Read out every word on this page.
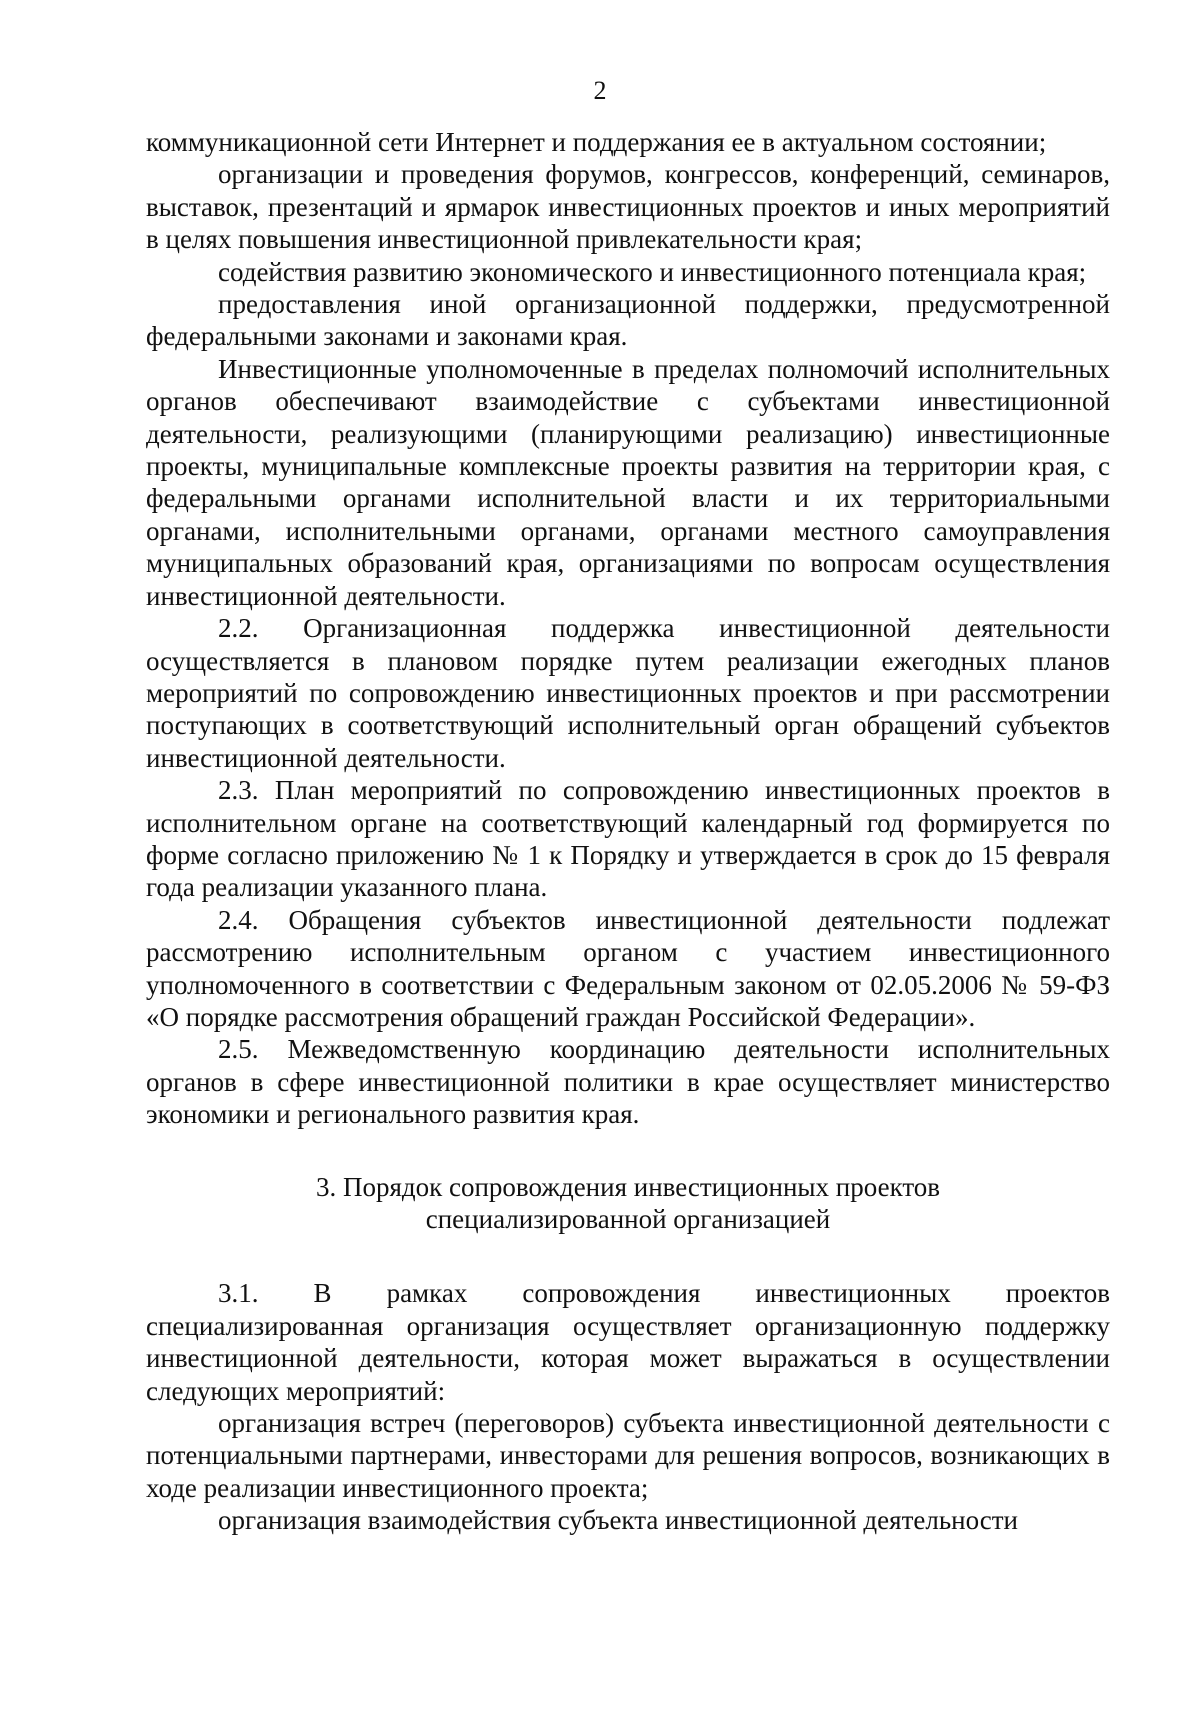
2

коммуникационной сети Интернет и поддержания ее в актуальном состоянии;

организации и проведения форумов, конгрессов, конференций, семинаров, выставок, презентаций и ярмарок инвестиционных проектов и иных мероприятий в целях повышения инвестиционной привлекательности края;

содействия развитию экономического и инвестиционного потенциала края;

предоставления иной организационной поддержки, предусмотренной федеральными законами и законами края.

Инвестиционные уполномоченные в пределах полномочий исполнительных органов обеспечивают взаимодействие с субъектами инвестиционной деятельности, реализующими (планирующими реализацию) инвестиционные проекты, муниципальные комплексные проекты развития на территории края, с федеральными органами исполнительной власти и их территориальными органами, исполнительными органами, органами местного самоуправления муниципальных образований края, организациями по вопросам осуществления инвестиционной деятельности.

2.2. Организационная поддержка инвестиционной деятельности осуществляется в плановом порядке путем реализации ежегодных планов мероприятий по сопровождению инвестиционных проектов и при рассмотрении поступающих в соответствующий исполнительный орган обращений субъектов инвестиционной деятельности.

2.3. План мероприятий по сопровождению инвестиционных проектов в исполнительном органе на соответствующий календарный год формируется по форме согласно приложению № 1 к Порядку и утверждается в срок до 15 февраля года реализации указанного плана.

2.4. Обращения субъектов инвестиционной деятельности подлежат рассмотрению исполнительным органом с участием инвестиционного уполномоченного в соответствии с Федеральным законом от 02.05.2006 № 59-ФЗ «О порядке рассмотрения обращений граждан Российской Федерации».

2.5. Межведомственную координацию деятельности исполнительных органов в сфере инвестиционной политики в крае осуществляет министерство экономики и регионального развития края.

3. Порядок сопровождения инвестиционных проектов
специализированной организацией

3.1. В рамках сопровождения инвестиционных проектов специализированная организация осуществляет организационную поддержку инвестиционной деятельности, которая может выражаться в осуществлении следующих мероприятий:

организация встреч (переговоров) субъекта инвестиционной деятельности с потенциальными партнерами, инвесторами для решения вопросов, возникающих в ходе реализации инвестиционного проекта;

организация взаимодействия субъекта инвестиционной деятельности
